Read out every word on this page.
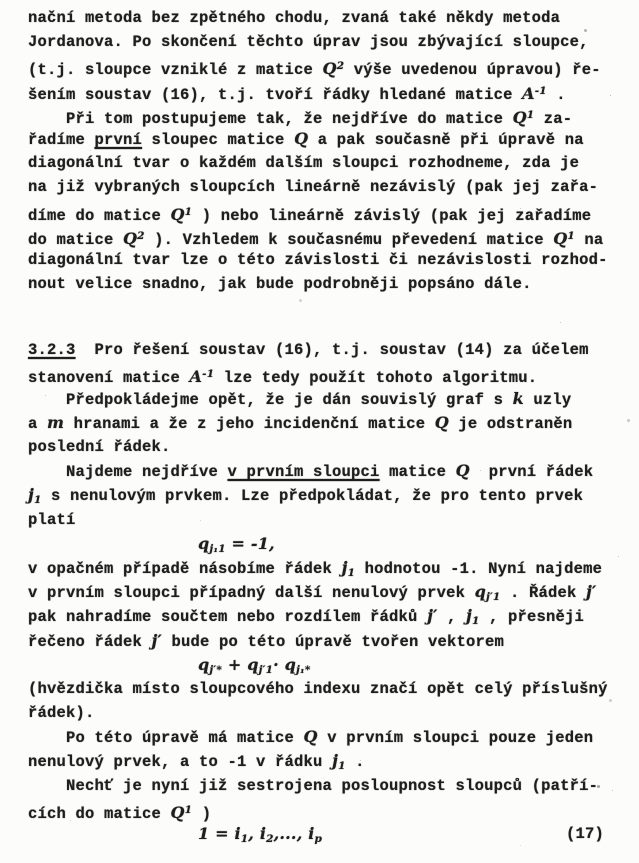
nační metoda bez zpětného chodu, zvaná také někdy metoda
Jordanova. Po skončení těchto úprav jsou zbývající sloupce,
(t.j. sloupce vzniklé z matice $Q^2$ výše uvedenou úpravou) ře-
šením soustav (16), t.j. tvoří řádky hledané matice $A^{-1}$ .
Při tom postupujeme tak, že nejdříve do matice $Q^1$ za-
řadíme první sloupec matice Q a pak současně při úpravě na
diagonální tvar o každém dalším sloupci rozhodneme, zda je
na již vybraných sloupcích lineárně nezávislý (pak jej zařa-
díme do matice $Q^1$ ) nebo lineárně závislý (pak jej zařadíme
do matice $Q^2$ ). Vzhledem k současnému převedení matice $Q^1$ na
diagonální tvar lze o této závislosti či nezávislosti rozhod-
nout velice snadno, jak bude podrobněji popsáno dále.
3.2.3  Pro řešení soustav (16), t.j. soustav (14) za účelem
stanovení matice $A^{-1}$ lze tedy použít tohoto algoritmu.
Předpokládejme opět, že je dán souvislý graf s k uzly
a m hranami a že z jeho incidenční matice Q je odstraněn
poslední řádek.
Najdeme nejdříve v prvním sloupci matice Q  první řádek
$j_1$ s nenulovým prvkem. Lze předpokládat, že pro tento prvek
platí
$q_{j_11} = -1$,
v opačném případě násobíme řádek $j_1$ hodnotou -1. Nyní najdeme
v prvním sloupci případný další nenulový prvek $q_{j'1}$ . Řádek j′
pak nahradíme součtem nebo rozdílem řádků j′ , $j_1$ , přesněji
řečeno řádek j′ bude po této úpravě tvořen vektorem
$q_{j'*} + q_{j'1}\cdot q_{j_1*}$
(hvězdička místo sloupcového indexu značí opět celý příslušný
řádek).
Po této úpravě má matice Q v prvním sloupci pouze jeden
nenulový prvek, a to -1 v řádku $j_1$ .
Nechť je nyní již sestrojena posloupnost sloupců (patří-
cích do matice $Q^1$ )
$1 = i_1$, $i_2$,..., $i_p$	(17)
